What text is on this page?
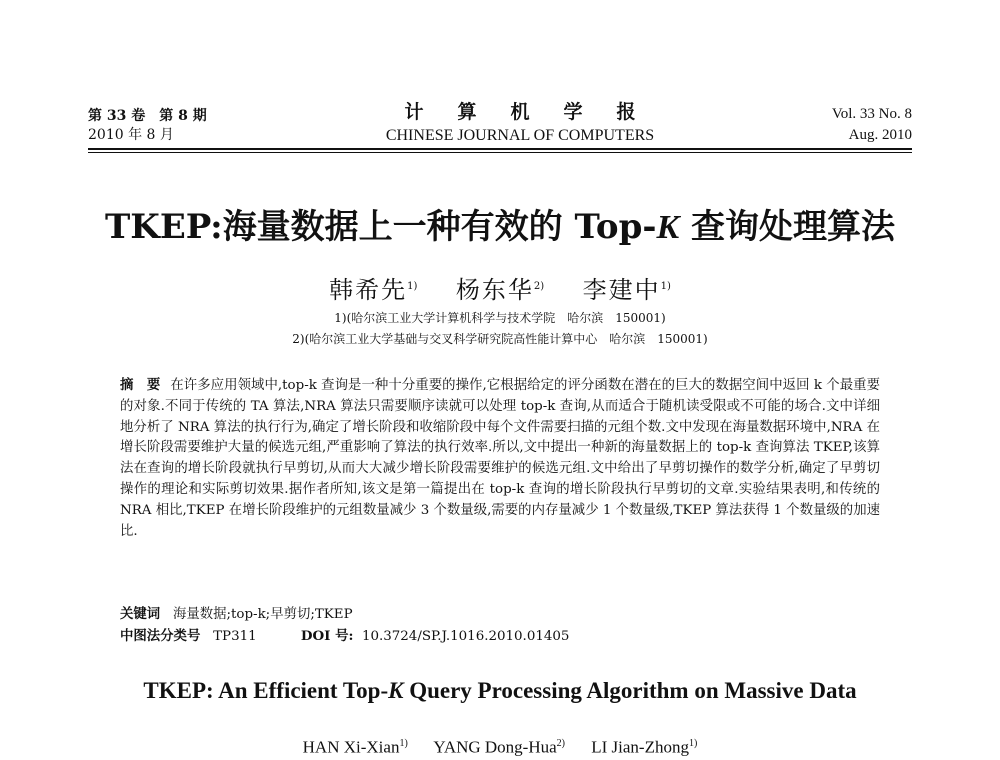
第 33 卷　第 8 期
2010 年 8 月
计算机学报
CHINESE JOURNAL OF COMPUTERS
Vol. 33 No. 8
Aug. 2010
TKEP:海量数据上一种有效的 Top-K 查询处理算法
韩希先$^{1)}$ 杨东华$^{2)}$ 李建中$^{1)}$
1)(哈尔滨工业大学计算机科学与技术学院　哈尔滨　150001)
2)(哈尔滨工业大学基础与交叉科学研究院高性能计算中心　哈尔滨　150001)
摘　要 在许多应用领域中,top-k 查询是一种十分重要的操作,它根据给定的评分函数在潜在的巨大的数据空间中返回 k 个最重要的对象.不同于传统的 TA 算法,NRA 算法只需要顺序读就可以处理 top-k 查询,从而适合于随机读受限或不可能的场合.文中详细地分析了 NRA 算法的执行行为,确定了增长阶段和收缩阶段中每个文件需要扫描的元组个数.文中发现在海量数据环境中,NRA 在增长阶段需要维护大量的候选元组,严重影响了算法的执行效率.所以,文中提出一种新的海量数据上的 top-k 查询算法 TKEP,该算法在查询的增长阶段就执行早剪切,从而大大减少增长阶段需要维护的候选元组.文中给出了早剪切操作的数学分析,确定了早剪切操作的理论和实际剪切效果.据作者所知,该文是第一篇提出在 top-k 查询的增长阶段执行早剪切的文章.实验结果表明,和传统的 NRA 相比,TKEP 在增长阶段维护的元组数量减少 3 个数量级,需要的内存量减少 1 个数量级,TKEP 算法获得 1 个数量级的加速比.
关键词 海量数据;top-k;早剪切;TKEP
中图法分类号 TP311	DOI 号: 10.3724/SP.J.1016.2010.01405
TKEP: An Efficient Top-K Query Processing Algorithm on Massive Data
HAN Xi-Xian$^{1)}$ YANG Dong-Hua$^{2)}$ LI Jian-Zhong$^{1)}$
